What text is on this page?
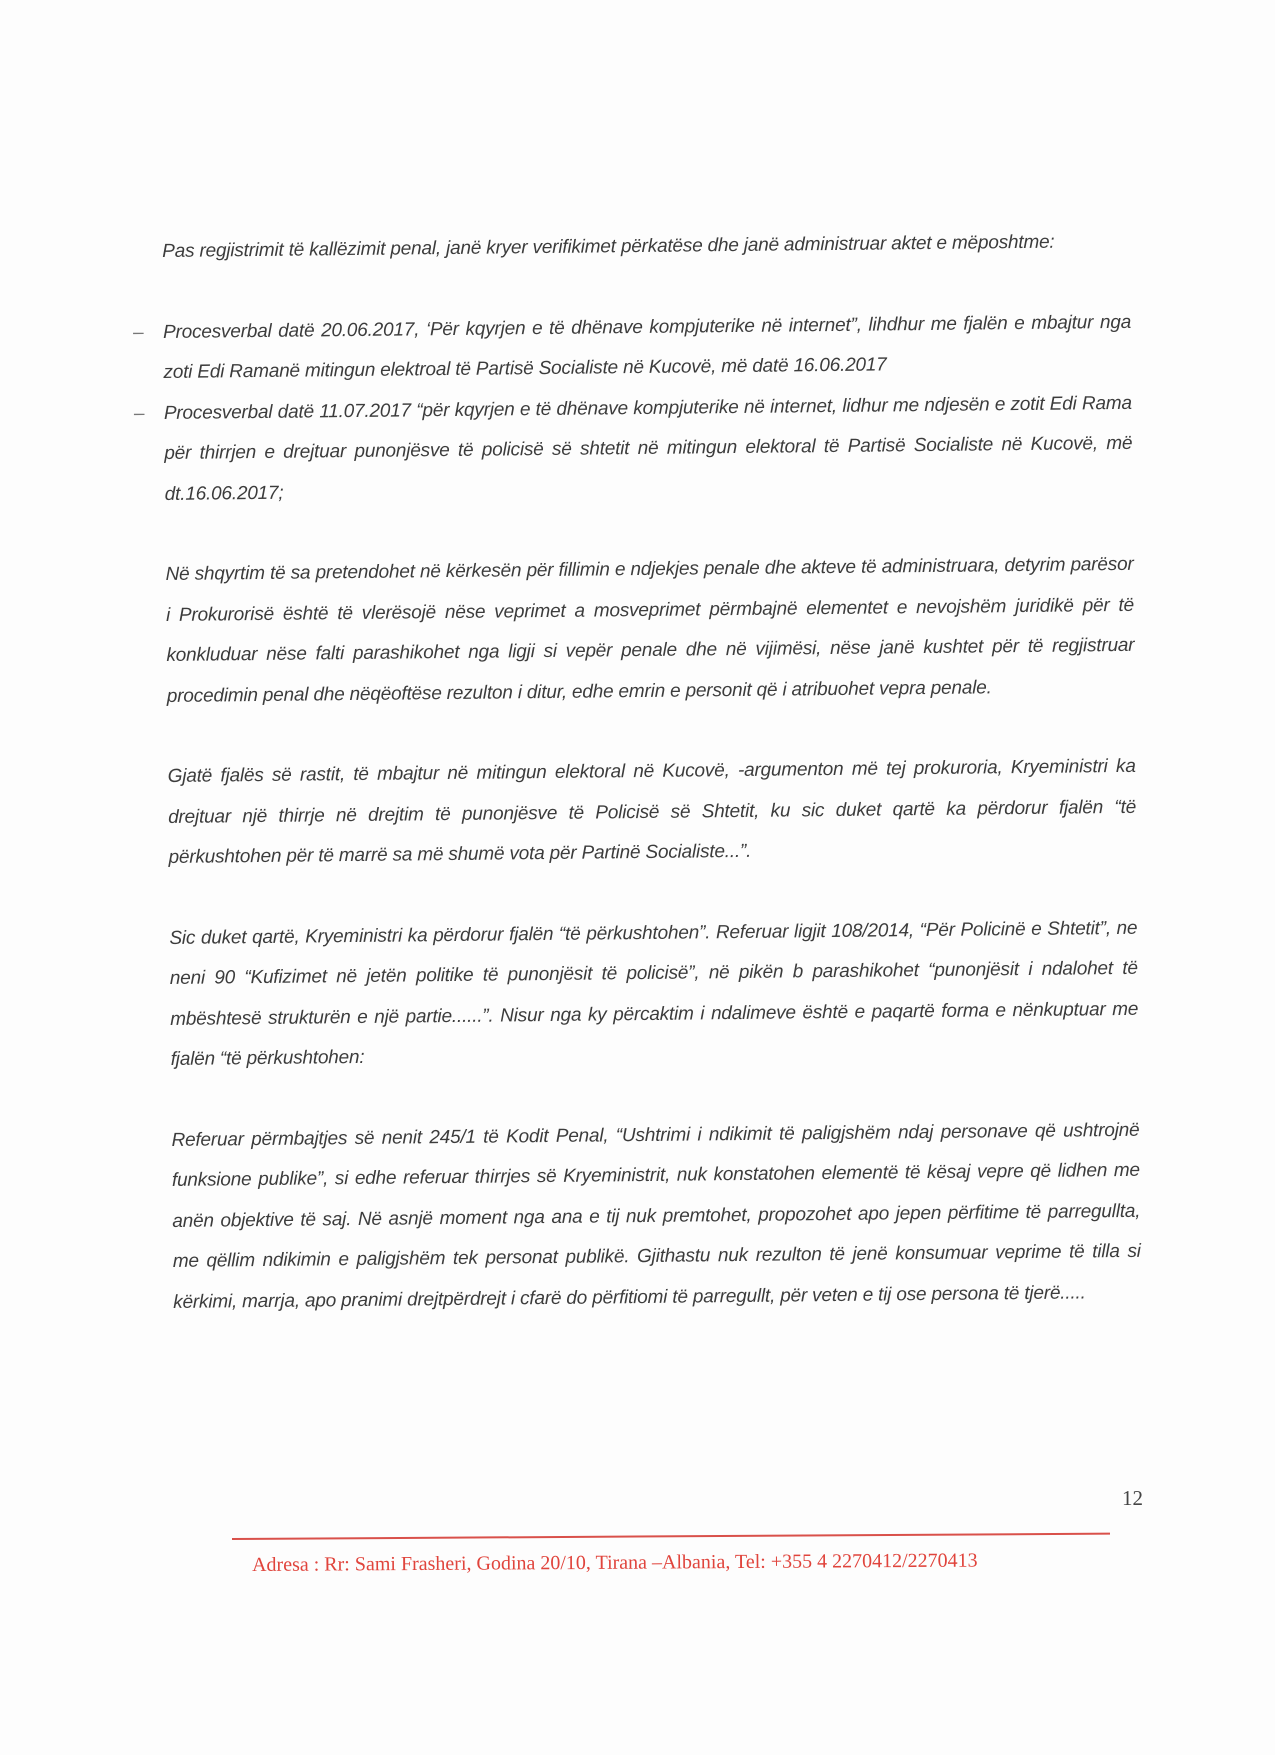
Pas regjistrimit të kallëzimit penal, janë kryer verifikimet përkatëse dhe janë administruar aktet e mëposhtme:

– Procesverbal datë 20.06.2017, ‘Për kqyrjen e të dhënave kompjuterike në internet”, lihdhur me fjalën e mbajtur nga zoti Edi Ramanë mitingun elektroal të Partisë Socialiste në Kucovë, më datë 16.06.2017

– Procesverbal datë 11.07.2017 “për kqyrjen e të dhënave kompjuterike në internet, lidhur me ndjesën e zotit Edi Rama për thirrjen e drejtuar punonjësve të policisë së shtetit në mitingun elektoral të Partisë Socialiste në Kucovë, më dt.16.06.2017;

Në shqyrtim të sa pretendohet në kërkesën për fillimin e ndjekjes penale dhe akteve të administruara, detyrim parësor i Prokurorisë është të vlerësojë nëse veprimet a mosveprimet përmbajnë elementet e nevojshëm juridikë për të konkluduar nëse falti parashikohet nga ligji si vepër penale dhe në vijimësi, nëse janë kushtet për të regjistruar procedimin penal dhe nëqëoftëse rezulton i ditur, edhe emrin e personit që i atribuohet vepra penale.

Gjatë fjalës së rastit, të mbajtur në mitingun elektoral në Kucovë, -argumenton më tej prokuroria, Kryeministri ka drejtuar një thirrje në drejtim të punonjësve të Policisë së Shtetit, ku sic duket qartë ka përdorur fjalën “të përkushtohen për të marrë sa më shumë vota për Partinë Socialiste...”.

Sic duket qartë, Kryeministri ka përdorur fjalën “të përkushtohen”. Referuar ligjit 108/2014, “Për Policinë e Shtetit”, ne neni 90 “Kufizimet në jetën politike të punonjësit të policisë”, në pikën b parashikohet “punonjësit i ndalohet të mbështesë strukturën e një partie......”. Nisur nga ky përcaktim i ndalimeve është e paqartë forma e nënkuptuar me fjalën “të përkushtohen:

Referuar përmbajtjes së nenit 245/1 të Kodit Penal, “Ushtrimi i ndikimit të paligjshëm ndaj personave që ushtrojnë funksione publike”, si edhe referuar thirrjes së Kryeministrit, nuk konstatohen elementë të kësaj vepre që lidhen me anën objektive të saj. Në asnjë moment nga ana e tij nuk premtohet, propozohet apo jepen përfitime të parregullta, me qëllim ndikimin e paligjshëm tek personat publikë. Gjithastu nuk rezulton të jenë konsumuar veprime të tilla si kërkimi, marrja, apo pranimi drejtpërdrejt i cfarë do përfitiomi të parregullt, për veten e tij ose persona të tjerë.....

12
Adresa : Rr: Sami Frasheri, Godina 20/10, Tirana –Albania, Tel: +355 4 2270412/2270413
